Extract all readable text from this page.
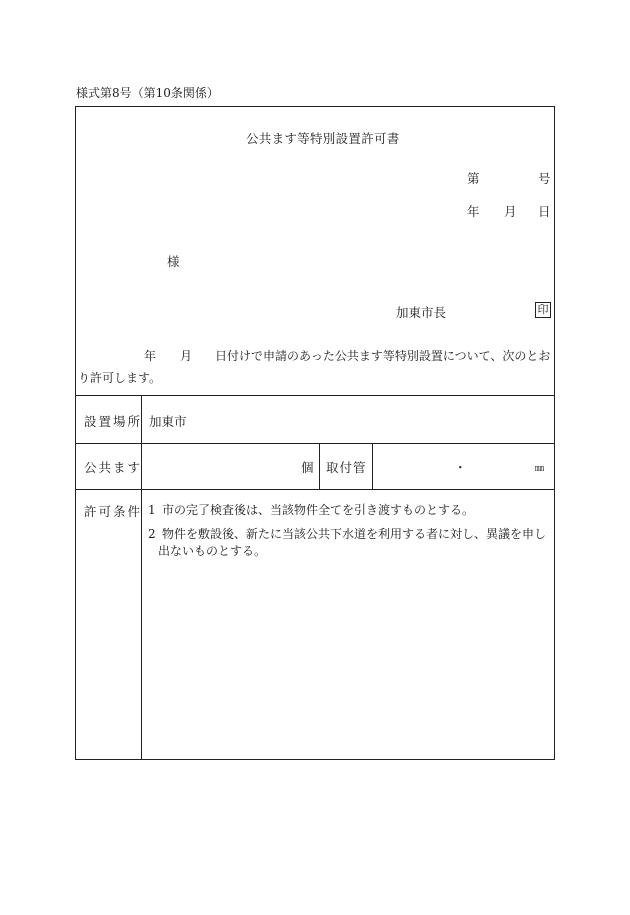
様式第8号（第10条関係）
公共ます等特別設置許可書
第	号
年 月 日
様
加東市長	印
年 月 日付けで申請のあった公共ます等特別設置について、次のとお
り許可します。
設置場所 加東市
公共ます	個 取付管	・	㎜
許可条件 1 市の完了検査後は、当該物件全てを引き渡すものとする。
2 物件を敷設後、新たに当該公共下水道を利用する者に対し、異議を申し出ないものとする。
